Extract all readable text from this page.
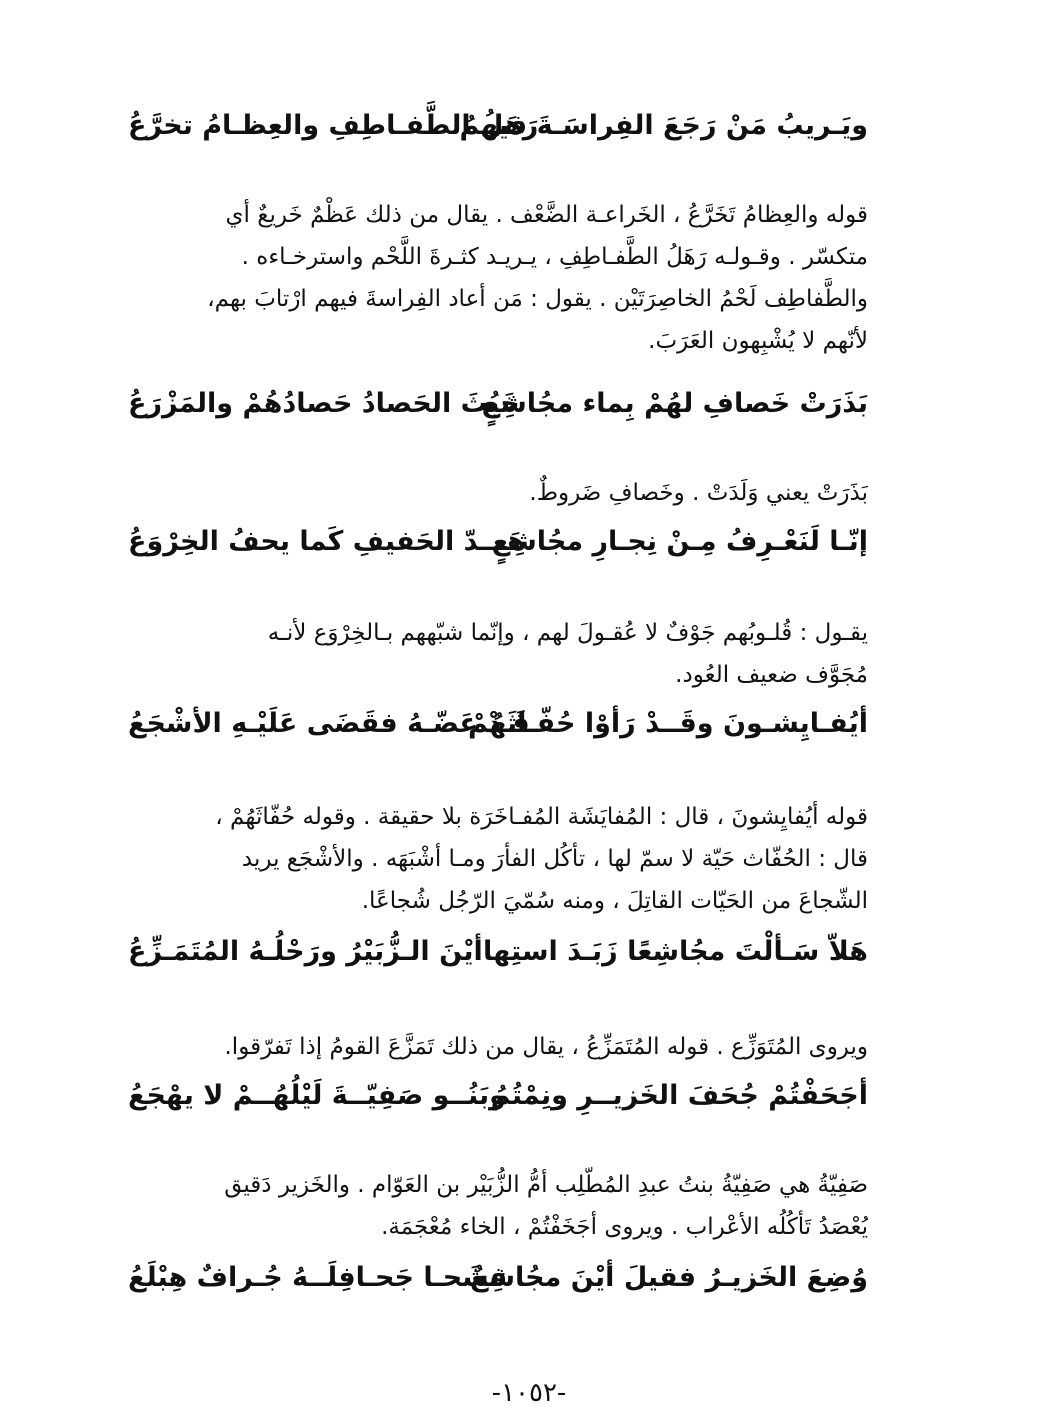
ويَـريبُ مَنْ رَجَعَ الفِراسَـةَ فيهمُ
رَهَلُ الطَّفـاطِفِ والعِظـامُ تخرَّعُ
قوله والعِظامُ تَخَرَّعُ ، الخَراعـة الضَّعْف . يقال من ذلك عَظْمٌ خَريعٌ أي
متكسّر . وقـولـه رَهَلُ الطَّفـاطِفِ ، يـريـد كثـرةَ اللَّحْم واسترخـاءه .
والطَّفاطِف لَحْمُ الخاصِرَتَيْن . يقول : مَن أعاد الفِراسةَ فيهم ارْتابَ بهم،
لأنّهم لا يُشْبِهون العَرَبَ.
بَذَرَتْ خَصافِ لهُمْ بِماء مجُاشِعٍ
خَبُثَ الحَصادُ حَصادُهُمْ والمَزْرَعُ
بَذَرَتْ يعني وَلَدَتْ . وخَصافِ ضَروطٌ.
إنّـا لَنَعْـرِفُ مِـنْ نِجـارِ مجُاشِعٍ
هَـــدّ الحَفيفِ كَما يحفُ الخِرْوَعُ
يقـول : قُلـوبُهم جَوْفٌ لا عُقـولَ لهم ، وإنّما شبّههم بـالخِرْوَع لأنـه
مُجَوَّف ضعيف العُود.
أيُفـايِشـونَ وقَــدْ رَأوْا حُفّـاثَهُمْ
قَـدْ عَضّـهُ فقَضَى عَلَيْـهِ الأشْجَعُ
قوله أيُفايِشونَ ، قال : المُفايَشَة المُفـاخَرَة بلا حقيقة . وقوله حُفّاثَهُمْ ،
قال : الحُفّاث حَيّة لا سمّ لها ، تأكُل الفأرَ ومـا أشْبَهَه . والأشْجَع يريد
الشّجاعَ من الحَيّات القاتِلَ ، ومنه سُمّيَ الرّجُل شُجاعًا.
هَلاّ سَـألْتَ مجُاشِعًا زَبَـدَ استِها
أيْنَ الـزُّبَيْرُ ورَحْلُـهُ المُتَمَـزِّعُ
ويروى المُتَوَزِّع . قوله المُتَمَزِّعُ ، يقال من ذلك تَمَزَّعَ القومُ إذا تَفرّقوا.
أجَحَفْتُمْ جُحَفَ الخَزيــرِ ونِمْتُمُ
وبَنُــو صَفِيّــةَ لَيْلُهُــمْ لا يهْجَعُ
صَفِيّةُ هي صَفِيّةُ بنتُ عبدِ المُطّلِب أمُّ الزُّبَيْر بن العَوّام . والخَزير دَقيق
يُعْصَدُ تَأكُلُه الأعْراب . ويروى أجَخَفْتُمْ ، الخاء مُعْجَمَة.
وُضِعَ الخَزيـرُ فقيلَ أيْنَ مجُاشِعٌ
فشَحـا جَحـافِلَــهُ جُـرافٌ هِبْلَعُ
-١٠٥٢-
